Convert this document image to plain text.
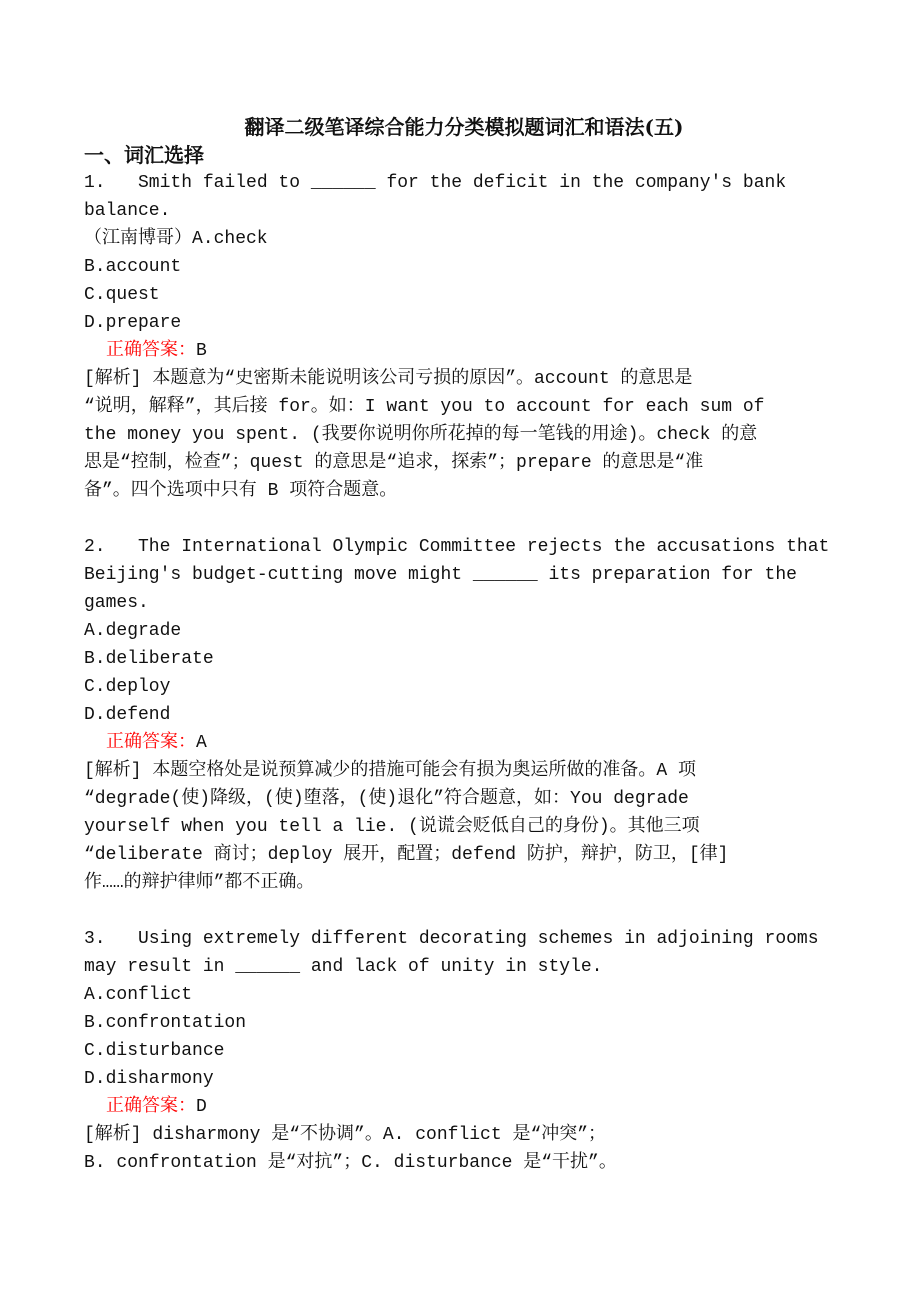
翻译二级笔译综合能力分类模拟题词汇和语法(五)
一、词汇选择
1.   Smith failed to ______ for the deficit in the company's bank
balance.
（江南博哥）A.check
B.account
C.quest
D.prepare
正确答案：B
[解析] 本题意为“史密斯未能说明该公司亏损的原因”。account 的意思是
“说明，解释”，其后接 for。如：I want you to account for each sum of
the money you spent. (我要你说明你所花掉的每一笔钱的用途)。check 的意
思是“控制，检查”；quest 的意思是“追求，探索”；prepare 的意思是“准
备”。四个选项中只有 B 项符合题意。
2.   The International Olympic Committee rejects the accusations that
Beijing's budget-cutting move might ______ its preparation for the
games.
A.degrade
B.deliberate
C.deploy
D.defend
正确答案：A
[解析] 本题空格处是说预算减少的措施可能会有损为奥运所做的准备。A 项
“degrade(使)降级，(使)堕落，(使)退化”符合题意，如：You degrade
yourself when you tell a lie. (说谎会贬低自己的身份)。其他三项
“deliberate 商讨；deploy 展开，配置；defend 防护，辩护，防卫，[律]
作……的辩护律师”都不正确。
3.   Using extremely different decorating schemes in adjoining rooms
may result in ______ and lack of unity in style.
A.conflict
B.confrontation
C.disturbance
D.disharmony
正确答案：D
[解析] disharmony 是“不协调”。A. conflict 是“冲突”；
B. confrontation 是“对抗”；C. disturbance 是“干扰”。
